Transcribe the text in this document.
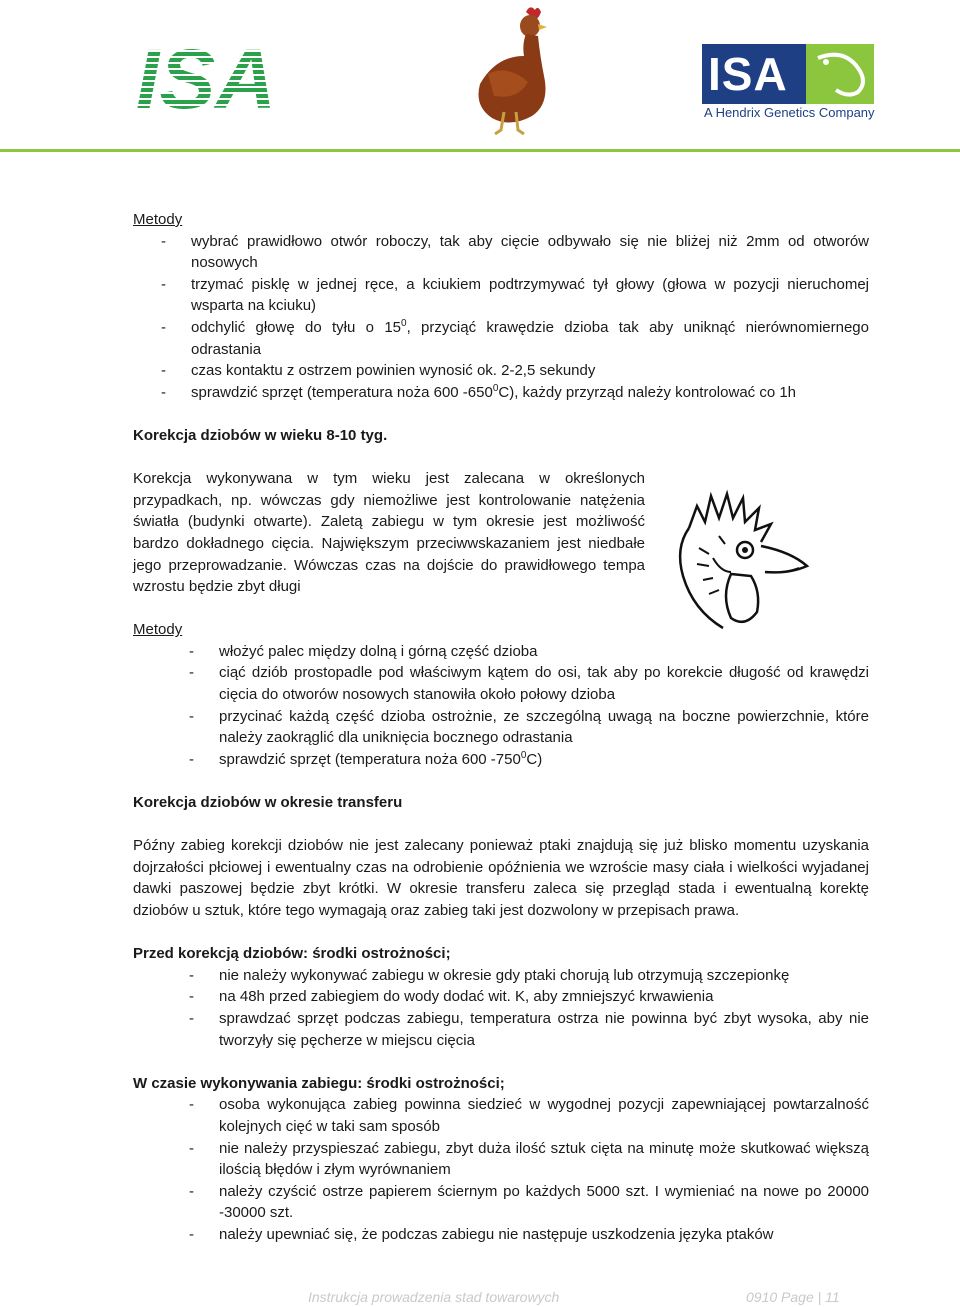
ISA
A Hendrix Genetics Company

Metody

- wybrać prawidłowo otwór roboczy, tak aby cięcie odbywało się nie bliżej niż 2mm od otworów nosowych
- trzymać pisklę w jednej ręce, a kciukiem podtrzymywać tył głowy (głowa w pozycji nieruchomej wsparta na kciuku)
- odchylić głowę do tyłu o $15^0$, przyciąć krawędzie dzioba tak aby uniknąć nierównomiernego odrastania
- czas kontaktu z ostrzem powinien wynosić ok. 2-2,5 sekundy
- sprawdzić sprzęt (temperatura noża 600 $-650^0C$), każdy przyrząd należy kontrolować co 1h

Korekcja dziobów w wieku 8-10 tyg.

Korekcja wykonywana w tym wieku jest zalecana w określonych przypadkach, np. wówczas gdy niemożliwe jest kontrolowanie natężenia światła (budynki otwarte). Zaletą zabiegu w tym okresie jest możliwość bardzo dokładnego cięcia. Największym przeciwwskazaniem jest niedbałe jego przeprowadzanie. Wówczas czas na dojście do prawidłowego tempa wzrostu będzie zbyt długi

Metody

- włożyć palec między dolną i górną część dzioba
- ciąć dziób prostopadle pod właściwym kątem do osi, tak aby po korekcie długość od krawędzi cięcia do otworów nosowych stanowiła około połowy dzioba
- przycinać każdą część dzioba ostrożnie, ze szczególną uwagą na boczne powierzchnie, które należy zaokrąglić dla uniknięcia bocznego odrastania
- sprawdzić sprzęt (temperatura noża 600 $-750^0C$)

Korekcja dziobów w okresie transferu

Późny zabieg korekcji dziobów nie jest zalecany ponieważ ptaki znajdują się już blisko momentu uzyskania dojrzałości płciowej i ewentualny czas na odrobienie opóźnienia we wzroście masy ciała i wielkości wyjadanej dawki paszowej będzie zbyt krótki. W okresie transferu zaleca się przegląd stada i ewentualną korektę dziobów u sztuk, które tego wymagają oraz zabieg taki jest dozwolony w przepisach prawa.

Przed korekcją dziobów: środki ostrożności;

- nie należy wykonywać zabiegu w okresie gdy ptaki chorują lub otrzymują szczepionkę
- na 48h przed zabiegiem do wody dodać wit. K, aby zmniejszyć krwawienia
- sprawdzać sprzęt podczas zabiegu, temperatura ostrza nie powinna być zbyt wysoka, aby nie tworzyły się pęcherze w miejscu cięcia

W czasie wykonywania zabiegu: środki ostrożności;

- osoba wykonująca zabieg powinna siedzieć w wygodnej pozycji zapewniającej powtarzalność kolejnych cięć w taki sam sposób
- nie należy przyspieszać zabiegu, zbyt duża ilość sztuk cięta na minutę może skutkować większą ilością błędów i złym wyrównaniem
- należy czyścić ostrze papierem ściernym po każdych 5000 szt. I wymieniać na nowe po 20000 -30000 szt.
- należy upewniać się, że podczas zabiegu nie następuje uszkodzenia języka ptaków
Instrukcja prowadzenia stad towarowych	0910 Page | 11
